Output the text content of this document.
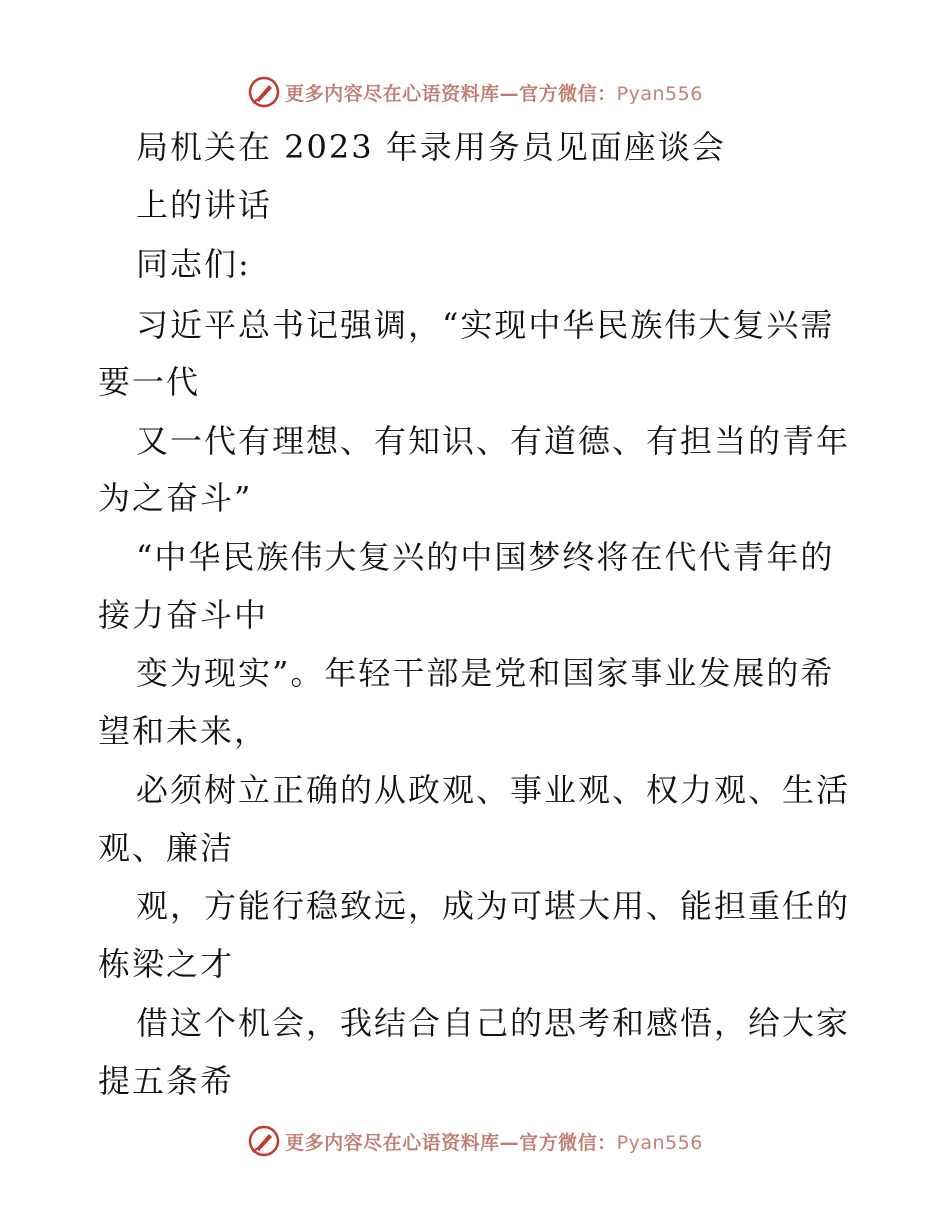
更多内容尽在心语资料库—官方微信：Pyan556

局机关在 2023 年录用务员见面座谈会

上的讲话

同志们:

习近平总书记强调，“实现中华民族伟大复兴需

要一代

又一代有理想、有知识、有道德、有担当的青年

为之奋斗”

“中华民族伟大复兴的中国梦终将在代代青年的

接力奋斗中

变为现实”。年轻干部是党和国家事业发展的希

望和未来，

必须树立正确的从政观、事业观、权力观、生活

观、廉洁

观，方能行稳致远，成为可堪大用、能担重任的

栋梁之才

借这个机会，我结合自己的思考和感悟，给大家

提五条希

更多内容尽在心语资料库—官方微信：Pyan556
